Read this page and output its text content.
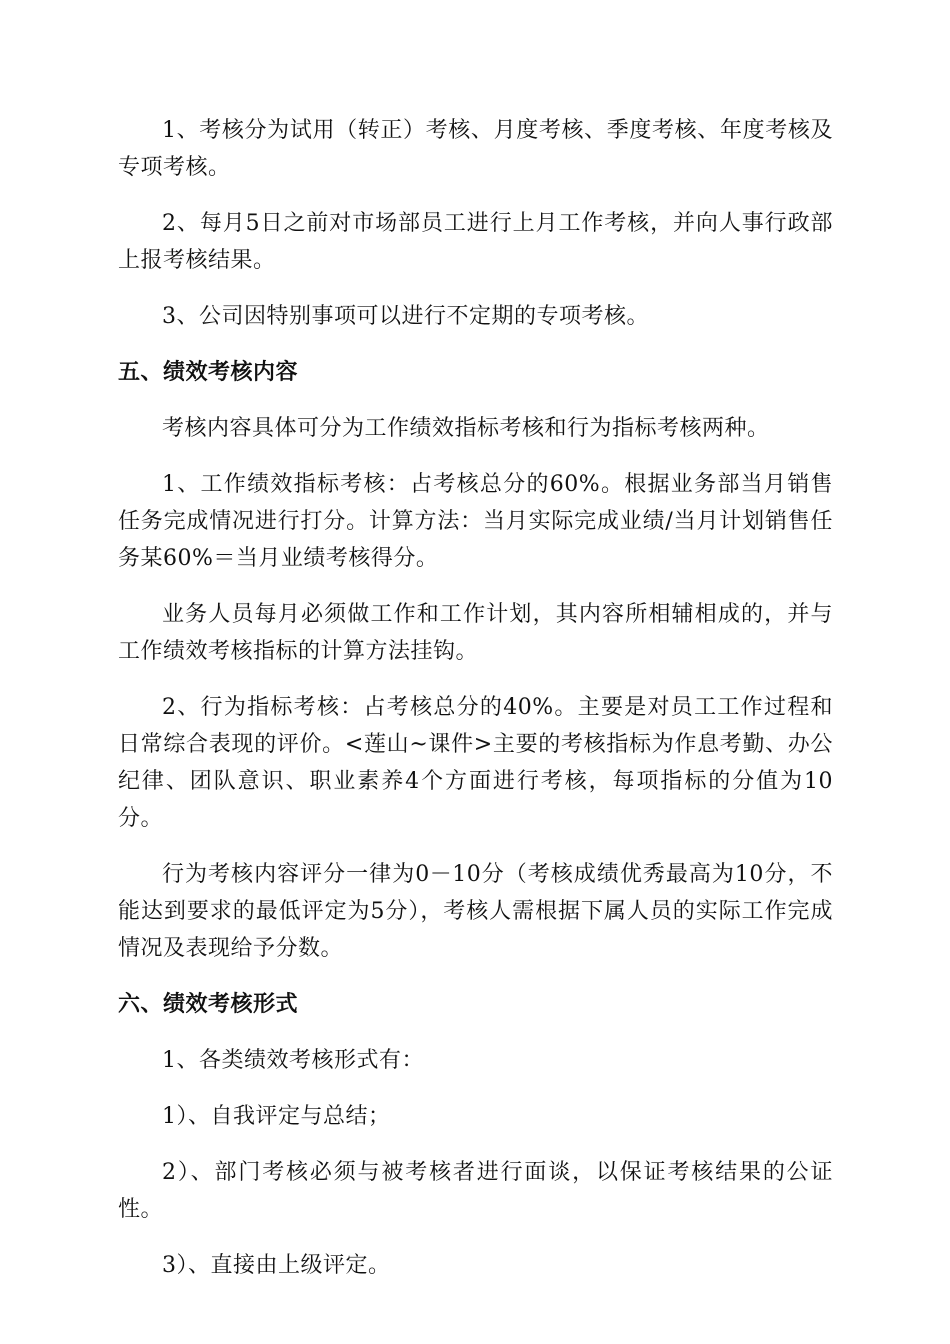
1、考核分为试用（转正）考核、月度考核、季度考核、年度考核及专项考核。

2、每月5日之前对市场部员工进行上月工作考核，并向人事行政部上报考核结果。

3、公司因特别事项可以进行不定期的专项考核。

五、绩效考核内容

考核内容具体可分为工作绩效指标考核和行为指标考核两种。

1、工作绩效指标考核：占考核总分的60%。根据业务部当月销售任务完成情况进行打分。计算方法：当月实际完成业绩/当月计划销售任务某60%＝当月业绩考核得分。

业务人员每月必须做工作和工作计划，其内容所相辅相成的，并与工作绩效考核指标的计算方法挂钩。

2、行为指标考核：占考核总分的40%。主要是对员工工作过程和日常综合表现的评价。<莲山~课件>主要的考核指标为作息考勤、办公纪律、团队意识、职业素养4个方面进行考核，每项指标的分值为10分。

行为考核内容评分一律为0－10分（考核成绩优秀最高为10分，不能达到要求的最低评定为5分），考核人需根据下属人员的实际工作完成情况及表现给予分数。

六、绩效考核形式

1、各类绩效考核形式有：

1）、自我评定与总结；

2）、部门考核必须与被考核者进行面谈，以保证考核结果的公证性。

3）、直接由上级评定。
